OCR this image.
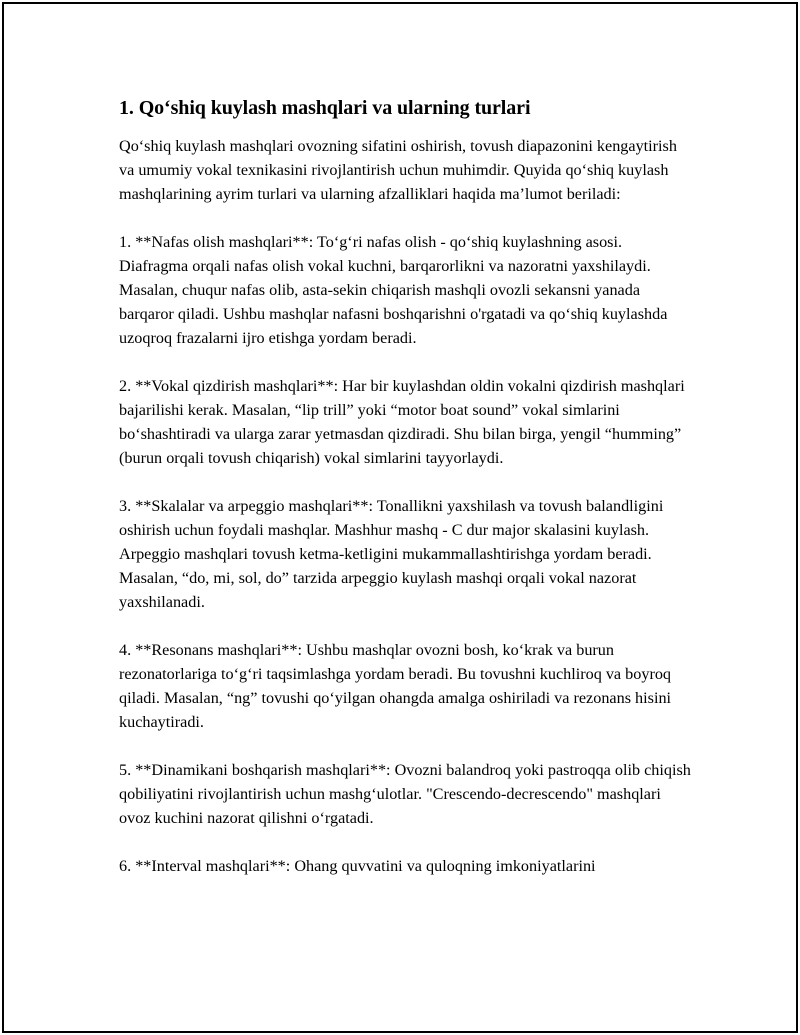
1. Qo‘shiq kuylash mashqlari va ularning turlari

Qo‘shiq kuylash mashqlari ovozning sifatini oshirish, tovush diapazonini kengaytirish va umumiy vokal texnikasini rivojlantirish uchun muhimdir. Quyida qo‘shiq kuylash mashqlarining ayrim turlari va ularning afzalliklari haqida ma’lumot beriladi:

1. **Nafas olish mashqlari**: To‘g‘ri nafas olish - qo‘shiq kuylashning asosi. Diafragma orqali nafas olish vokal kuchni, barqarorlikni va nazoratni yaxshilaydi. Masalan, chuqur nafas olib, asta-sekin chiqarish mashqli ovozli sekansni yanada barqaror qiladi. Ushbu mashqlar nafasni boshqarishni o'rgatadi va qo‘shiq kuylashda uzoqroq frazalarni ijro etishga yordam beradi.

2. **Vokal qizdirish mashqlari**: Har bir kuylashdan oldin vokalni qizdirish mashqlari bajarilishi kerak. Masalan, “lip trill” yoki “motor boat sound” vokal simlarini bo‘shashtiradi va ularga zarar yetmasdan qizdiradi. Shu bilan birga, yengil “humming” (burun orqali tovush chiqarish) vokal simlarini tayyorlaydi.

3. **Skalalar va arpeggio mashqlari**: Tonallikni yaxshilash va tovush balandligini oshirish uchun foydali mashqlar. Mashhur mashq - C dur major skalasini kuylash. Arpeggio mashqlari tovush ketma-ketligini mukammallashtirishga yordam beradi. Masalan, “do, mi, sol, do” tarzida arpeggio kuylash mashqi orqali vokal nazorat yaxshilanadi.

4. **Resonans mashqlari**: Ushbu mashqlar ovozni bosh, ko‘krak va burun rezonatorlariga to‘g‘ri taqsimlashga yordam beradi. Bu tovushni kuchliroq va boyroq qiladi. Masalan, “ng” tovushi qo‘yilgan ohangda amalga oshiriladi va rezonans hisini kuchaytiradi.

5. **Dinamikani boshqarish mashqlari**: Ovozni balandroq yoki pastroqqa olib chiqish qobiliyatini rivojlantirish uchun mashg‘ulotlar. "Crescendo-decrescendo" mashqlari ovoz kuchini nazorat qilishni o‘rgatadi.

6. **Interval mashqlari**: Ohang quvvatini va quloqning imkoniyatlarini
